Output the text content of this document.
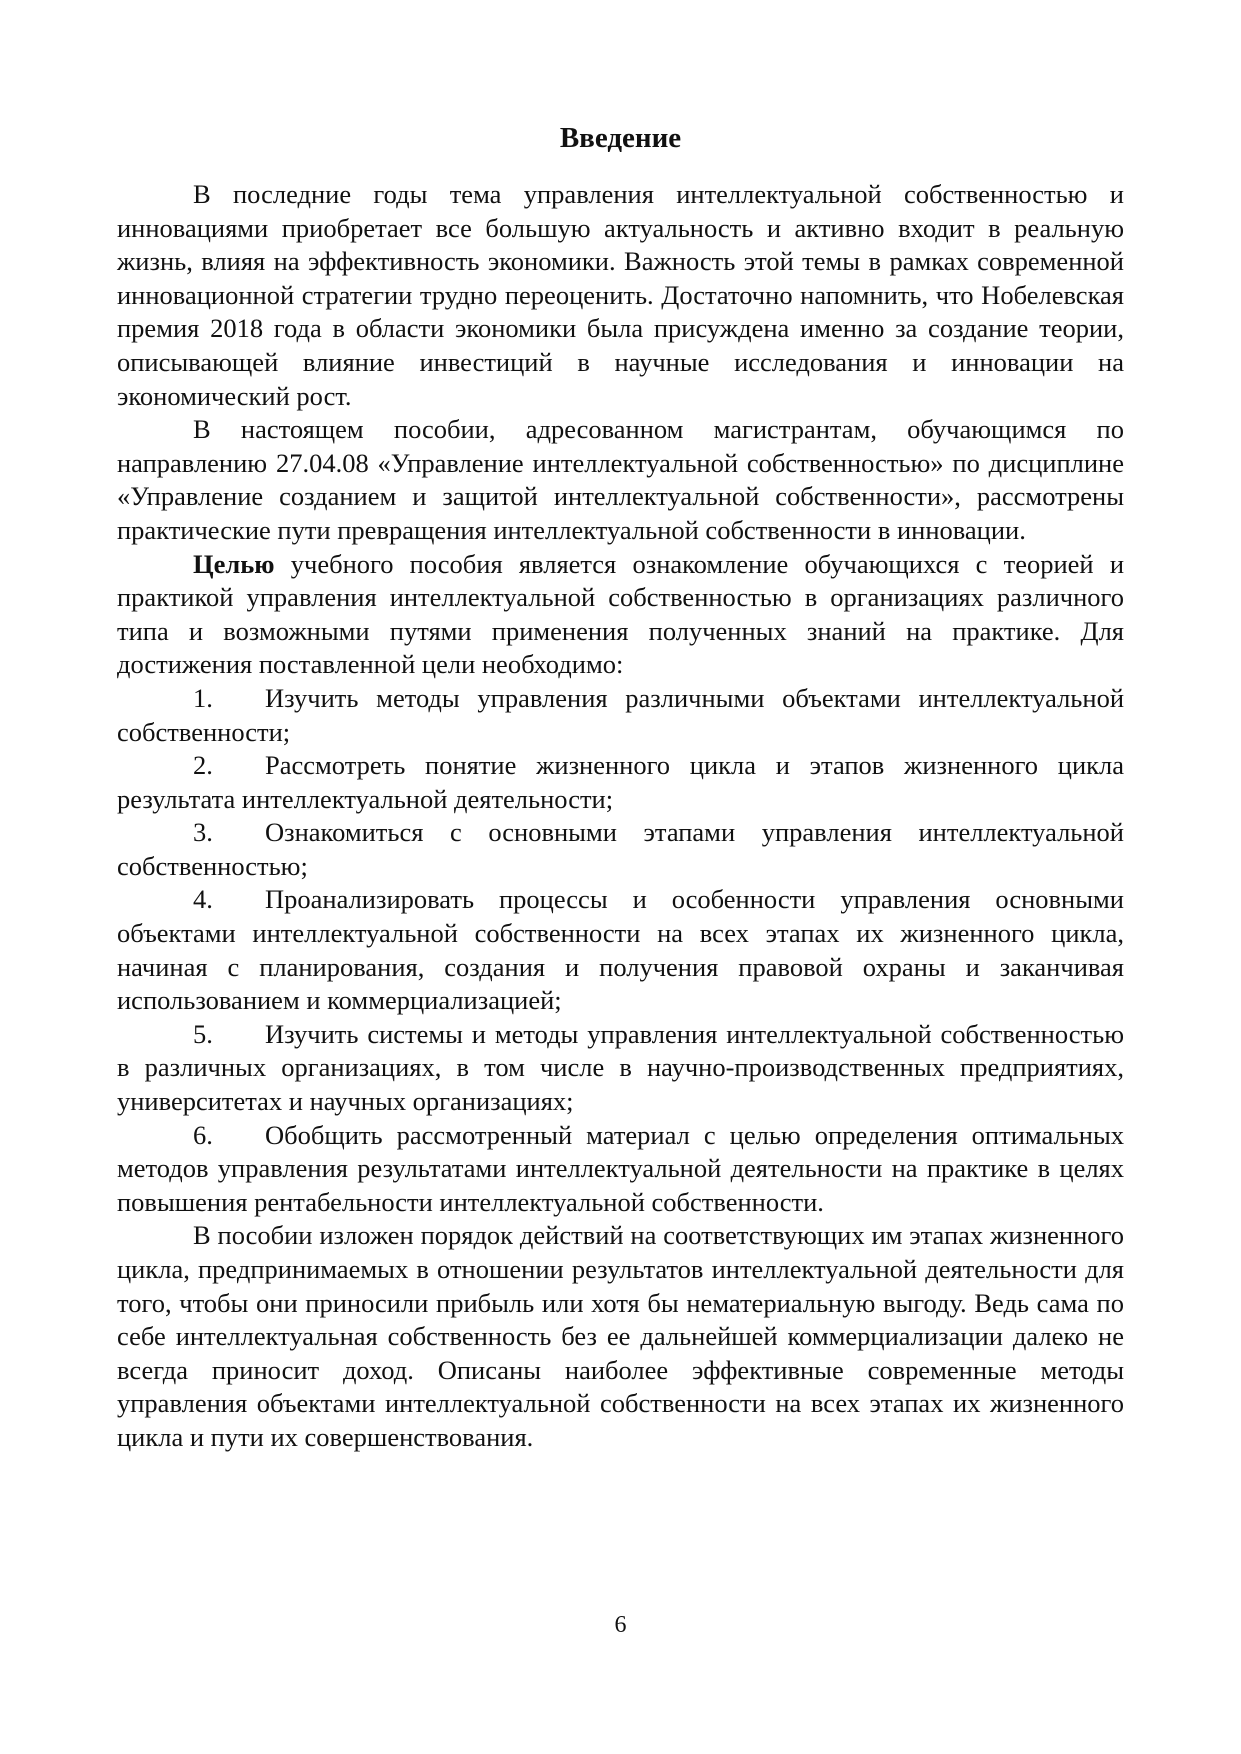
Введение

В последние годы тема управления интеллектуальной собственностью и инновациями приобретает все большую актуальность и активно входит в реальную жизнь, влияя на эффективность экономики. Важность этой темы в рамках современной инновационной стратегии трудно переоценить. Достаточно напомнить, что Нобелевская премия 2018 года в области экономики была присуждена именно за создание теории, описывающей влияние инвестиций в научные исследования и инновации на экономический рост.

В настоящем пособии, адресованном магистрантам, обучающимся по направлению 27.04.08 «Управление интеллектуальной собственностью» по дисциплине «Управление созданием и защитой интеллектуальной собственности», рассмотрены практические пути превращения интеллектуальной собственности в инновации.

Целью учебного пособия является ознакомление обучающихся с теорией и практикой управления интеллектуальной собственностью в организациях различного типа и возможными путями применения полученных знаний на практике. Для достижения поставленной цели необходимо:

1. Изучить методы управления различными объектами интеллектуальной собственности;

2. Рассмотреть понятие жизненного цикла и этапов жизненного цикла результата интеллектуальной деятельности;

3. Ознакомиться с основными этапами управления интеллектуальной собственностью;

4. Проанализировать процессы и особенности управления основными объектами интеллектуальной собственности на всех этапах их жизненного цикла, начиная с планирования, создания и получения правовой охраны и заканчивая использованием и коммерциализацией;

5. Изучить системы и методы управления интеллектуальной собственностью в различных организациях, в том числе в научно-производственных предприятиях, университетах и научных организациях;

6. Обобщить рассмотренный материал с целью определения оптимальных методов управления результатами интеллектуальной деятельности на практике в целях повышения рентабельности интеллектуальной собственности.

В пособии изложен порядок действий на соответствующих им этапах жизненного цикла, предпринимаемых в отношении результатов интеллектуальной деятельности для того, чтобы они приносили прибыль или хотя бы нематериальную выгоду. Ведь сама по себе интеллектуальная собственность без ее дальнейшей коммерциализации далеко не всегда приносит доход. Описаны наиболее эффективные современные методы управления объектами интеллектуальной собственности на всех этапах их жизненного цикла и пути их совершенствования.

6
